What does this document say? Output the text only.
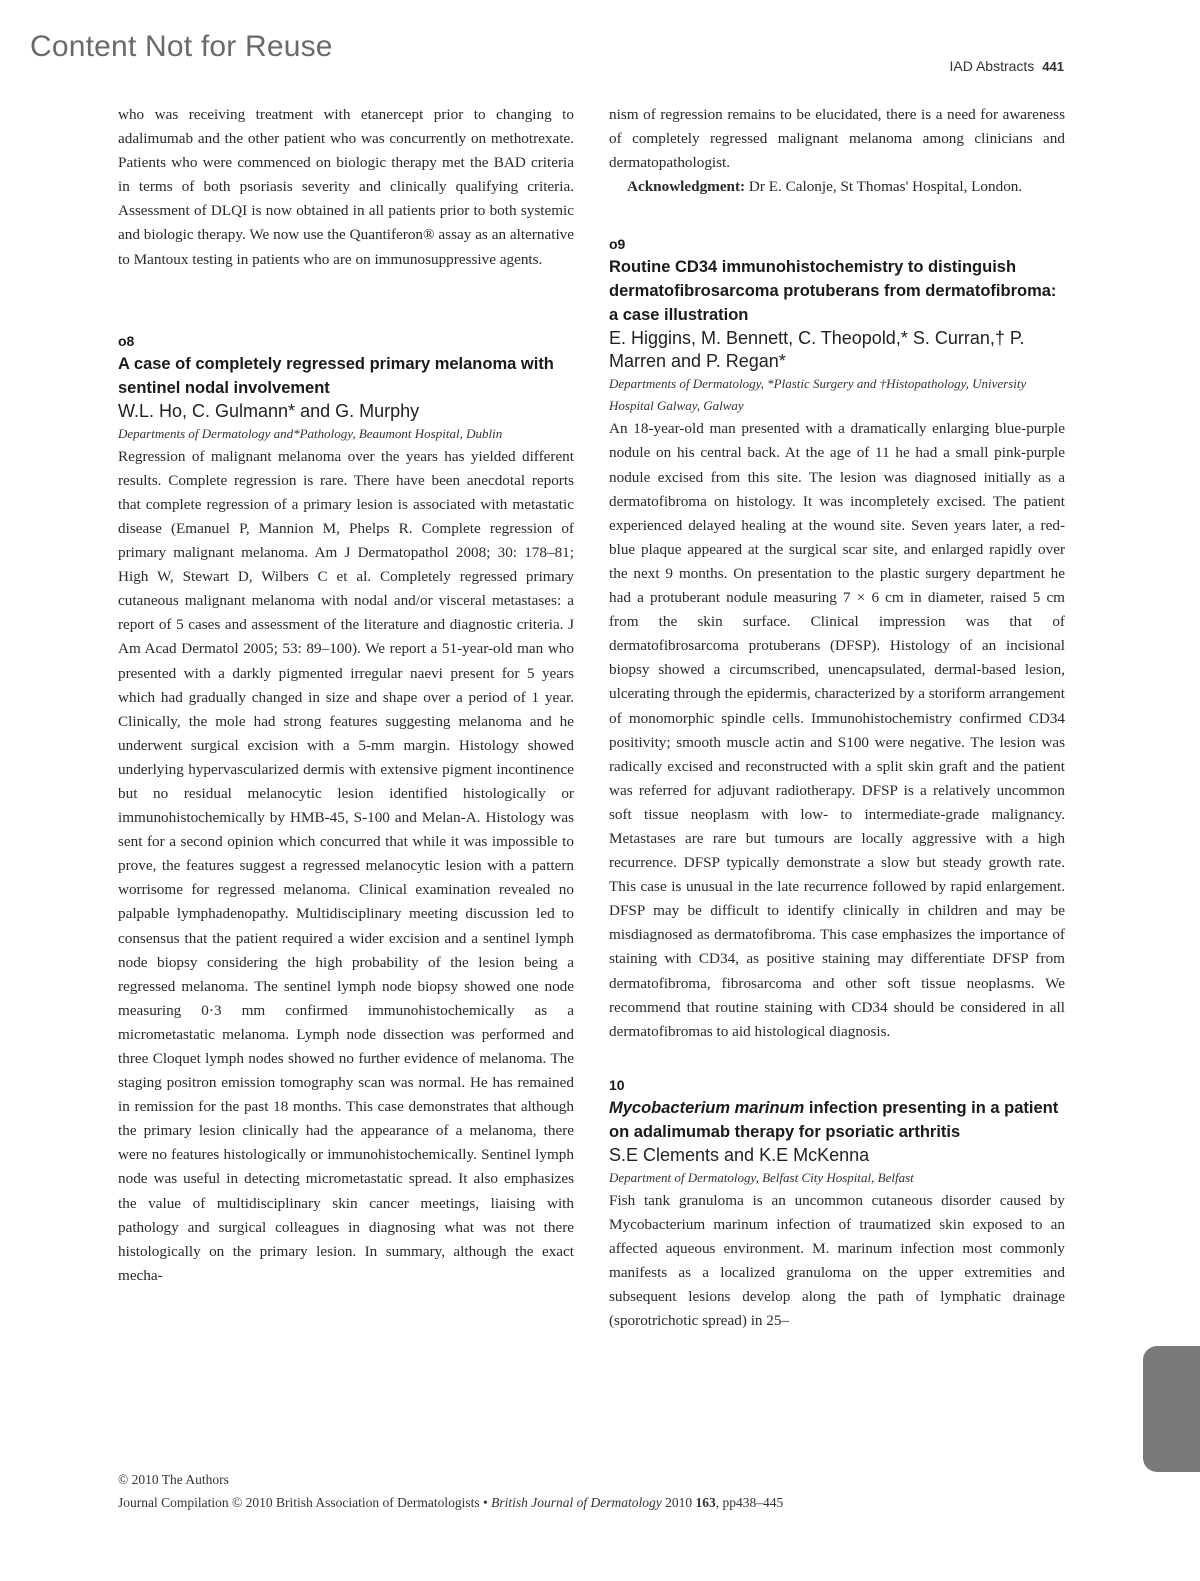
Content Not for Reuse
IAD Abstracts 441

who was receiving treatment with etanercept prior to changing to adalimumab and the other patient who was concurrently on methotrexate. Patients who were commenced on biologic therapy met the BAD criteria in terms of both psoriasis severity and clinically qualifying criteria. Assessment of DLQI is now obtained in all patients prior to both systemic and biologic therapy. We now use the Quantiferon® assay as an alternative to Mantoux testing in patients who are on immunosuppressive agents.

o8
A case of completely regressed primary melanoma with sentinel nodal involvement
W.L. Ho, C. Gulmann* and G. Murphy
Departments of Dermatology and*Pathology, Beaumont Hospital, Dublin

Regression of malignant melanoma over the years has yielded different results. Complete regression is rare. There have been anecdotal reports that complete regression of a primary lesion is associated with metastatic disease (Emanuel P, Mannion M, Phelps R. Complete regression of primary malignant melanoma. Am J Dermatopathol 2008; 30: 178–81; High W, Stewart D, Wilbers C et al. Completely regressed primary cutaneous malignant melanoma with nodal and/or visceral metastases: a report of 5 cases and assessment of the literature and diagnostic criteria. J Am Acad Dermatol 2005; 53: 89–100). We report a 51-year-old man who presented with a darkly pigmented irregular naevi present for 5 years which had gradually changed in size and shape over a period of 1 year. Clinically, the mole had strong features suggesting melanoma and he underwent surgical excision with a 5-mm margin. Histology showed underlying hypervascularized dermis with extensive pigment incontinence but no residual melanocytic lesion identified histologically or immunohistochemically by HMB-45, S-100 and Melan-A. Histology was sent for a second opinion which concurred that while it was impossible to prove, the features suggest a regressed melanocytic lesion with a pattern worrisome for regressed melanoma. Clinical examination revealed no palpable lymphadenopathy. Multidisciplinary meeting discussion led to consensus that the patient required a wider excision and a sentinel lymph node biopsy considering the high probability of the lesion being a regressed melanoma. The sentinel lymph node biopsy showed one node measuring 0·3 mm confirmed immunohistochemically as a micrometastatic melanoma. Lymph node dissection was performed and three Cloquet lymph nodes showed no further evidence of melanoma. The staging positron emission tomography scan was normal. He has remained in remission for the past 18 months. This case demonstrates that although the primary lesion clinically had the appearance of a melanoma, there were no features histologically or immunohistochemically. Sentinel lymph node was useful in detecting micrometastatic spread. It also emphasizes the value of multidisciplinary skin cancer meetings, liaising with pathology and surgical colleagues in diagnosing what was not there histologically on the primary lesion. In summary, although the exact mecha-

nism of regression remains to be elucidated, there is a need for awareness of completely regressed malignant melanoma among clinicians and dermatopathologist.

Acknowledgment: Dr E. Calonje, St Thomas' Hospital, London.

o9
Routine CD34 immunohistochemistry to distinguish dermatofibrosarcoma protuberans from dermatofibroma: a case illustration
E. Higgins, M. Bennett, C. Theopold,* S. Curran,† P. Marren and P. Regan*
Departments of Dermatology, *Plastic Surgery and †Histopathology, University Hospital Galway, Galway

An 18-year-old man presented with a dramatically enlarging blue-purple nodule on his central back. At the age of 11 he had a small pink-purple nodule excised from this site. The lesion was diagnosed initially as a dermatofibroma on histology. It was incompletely excised. The patient experienced delayed healing at the wound site. Seven years later, a red-blue plaque appeared at the surgical scar site, and enlarged rapidly over the next 9 months. On presentation to the plastic surgery department he had a protuberant nodule measuring 7 × 6 cm in diameter, raised 5 cm from the skin surface. Clinical impression was that of dermatofibrosarcoma protuberans (DFSP). Histology of an incisional biopsy showed a circumscribed, unencapsulated, dermal-based lesion, ulcerating through the epidermis, characterized by a storiform arrangement of monomorphic spindle cells. Immunohistochemistry confirmed CD34 positivity; smooth muscle actin and S100 were negative. The lesion was radically excised and reconstructed with a split skin graft and the patient was referred for adjuvant radiotherapy. DFSP is a relatively uncommon soft tissue neoplasm with low- to intermediate-grade malignancy. Metastases are rare but tumours are locally aggressive with a high recurrence. DFSP typically demonstrate a slow but steady growth rate. This case is unusual in the late recurrence followed by rapid enlargement. DFSP may be difficult to identify clinically in children and may be misdiagnosed as dermatofibroma. This case emphasizes the importance of staining with CD34, as positive staining may differentiate DFSP from dermatofibroma, fibrosarcoma and other soft tissue neoplasms. We recommend that routine staining with CD34 should be considered in all dermatofibromas to aid histological diagnosis.

10
Mycobacterium marinum infection presenting in a patient on adalimumab therapy for psoriatic arthritis
S.E Clements and K.E McKenna
Department of Dermatology, Belfast City Hospital, Belfast

Fish tank granuloma is an uncommon cutaneous disorder caused by Mycobacterium marinum infection of traumatized skin exposed to an affected aqueous environment. M. marinum infection most commonly manifests as a localized granuloma on the upper extremities and subsequent lesions develop along the path of lymphatic drainage (sporotrichotic spread) in 25–

© 2010 The Authors
Journal Compilation © 2010 British Association of Dermatologists • British Journal of Dermatology 2010 163, pp438–445
